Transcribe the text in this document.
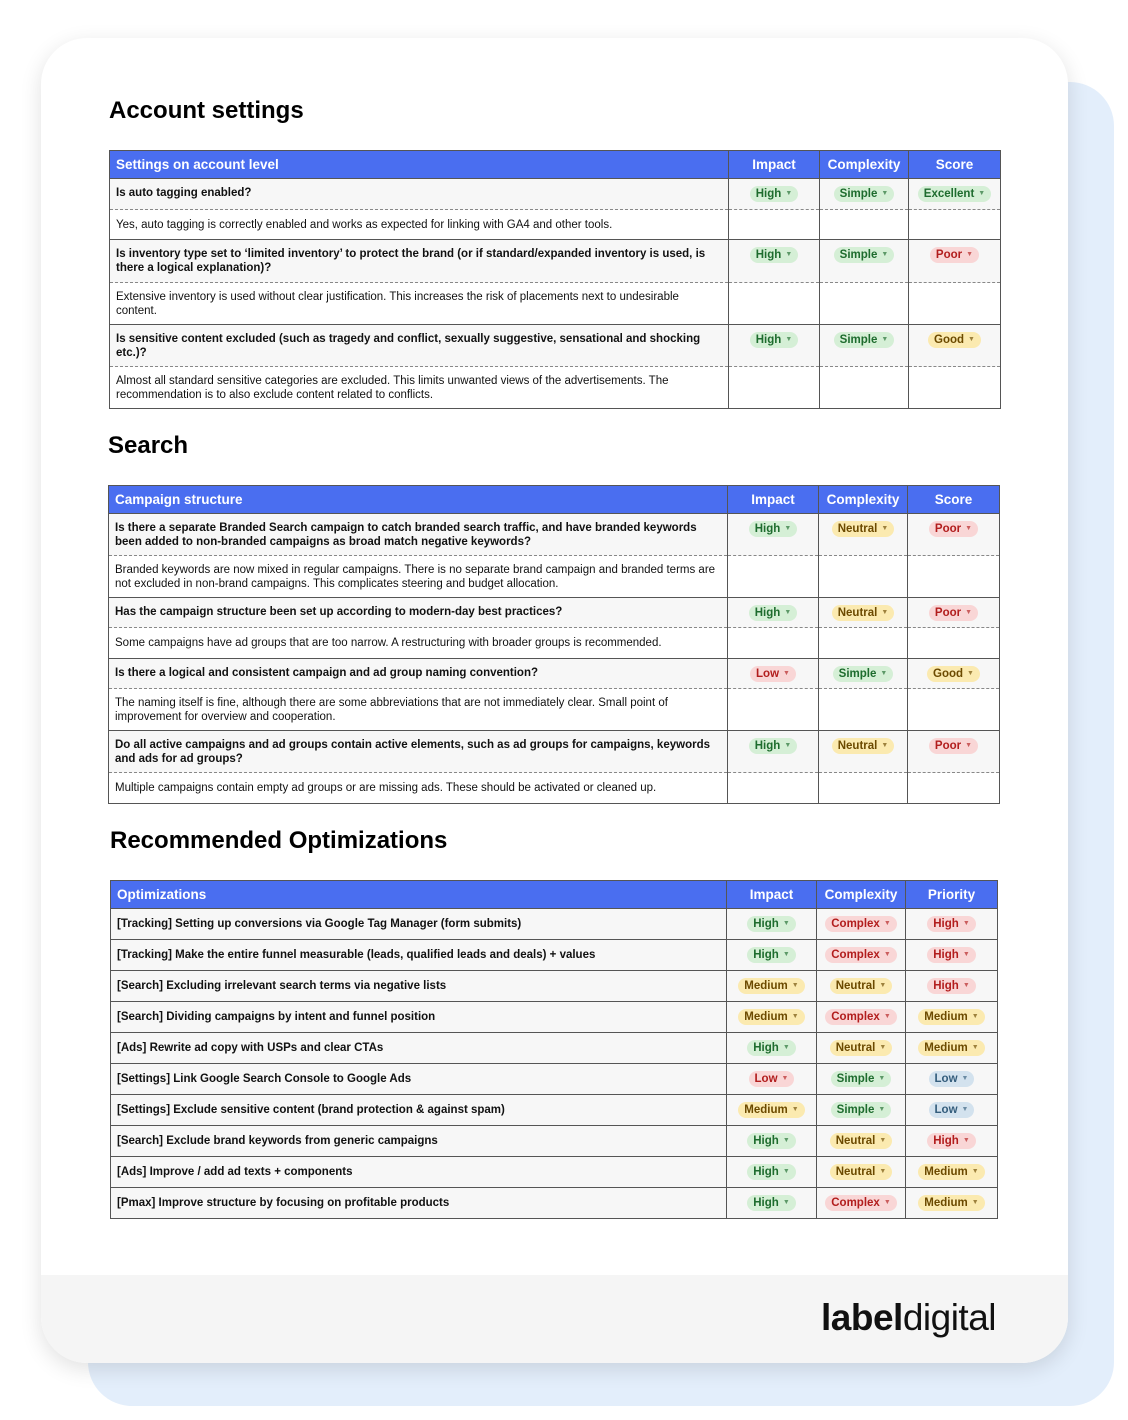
Account settings
Settings on account level	Impact	Complexity	Score
Is auto tagging enabled?	High ▼	Simple ▼	Excellent ▼
Yes, auto tagging is correctly enabled and works as expected for linking with GA4 and other tools.			
Is inventory type set to ‘limited inventory’ to protect the brand (or if standard/expanded inventory is used, is there a logical explanation)?	High ▼	Simple ▼	Poor ▼
Extensive inventory is used without clear justification. This increases the risk of placements next to undesirable content.			
Is sensitive content excluded (such as tragedy and conflict, sexually suggestive, sensational and shocking etc.)?	High ▼	Simple ▼	Good ▼
Almost all standard sensitive categories are excluded. This limits unwanted views of the advertisements. The recommendation is to also exclude content related to conflicts.			
Search
Campaign structure	Impact	Complexity	Score
Is there a separate Branded Search campaign to catch branded search traffic, and have branded keywords been added to non-branded campaigns as broad match negative keywords?	High ▼	Neutral ▼	Poor ▼
Branded keywords are now mixed in regular campaigns. There is no separate brand campaign and branded terms are not excluded in non-brand campaigns. This complicates steering and budget allocation.			
Has the campaign structure been set up according to modern-day best practices?	High ▼	Neutral ▼	Poor ▼
Some campaigns have ad groups that are too narrow. A restructuring with broader groups is recommended.			
Is there a logical and consistent campaign and ad group naming convention?	Low ▼	Simple ▼	Good ▼
The naming itself is fine, although there are some abbreviations that are not immediately clear. Small point of improvement for overview and cooperation.			
Do all active campaigns and ad groups contain active elements, such as ad groups for campaigns, keywords and ads for ad groups?	High ▼	Neutral ▼	Poor ▼
Multiple campaigns contain empty ad groups or are missing ads. These should be activated or cleaned up.			
Recommended Optimizations
Optimizations	Impact	Complexity	Priority
[Tracking] Setting up conversions via Google Tag Manager (form submits)	High ▼	Complex ▼	High ▼
[Tracking] Make the entire funnel measurable (leads, qualified leads and deals) + values	High ▼	Complex ▼	High ▼
[Search] Excluding irrelevant search terms via negative lists	Medium ▼	Neutral ▼	High ▼
[Search] Dividing campaigns by intent and funnel position	Medium ▼	Complex ▼	Medium ▼
[Ads] Rewrite ad copy with USPs and clear CTAs	High ▼	Neutral ▼	Medium ▼
[Settings] Link Google Search Console to Google Ads	Low ▼	Simple ▼	Low ▼
[Settings] Exclude sensitive content (brand protection & against spam)	Medium ▼	Simple ▼	Low ▼
[Search] Exclude brand keywords from generic campaigns	High ▼	Neutral ▼	High ▼
[Ads] Improve / add ad texts + components	High ▼	Neutral ▼	Medium ▼
[Pmax] Improve structure by focusing on profitable products	High ▼	Complex ▼	Medium ▼
labeldigital
